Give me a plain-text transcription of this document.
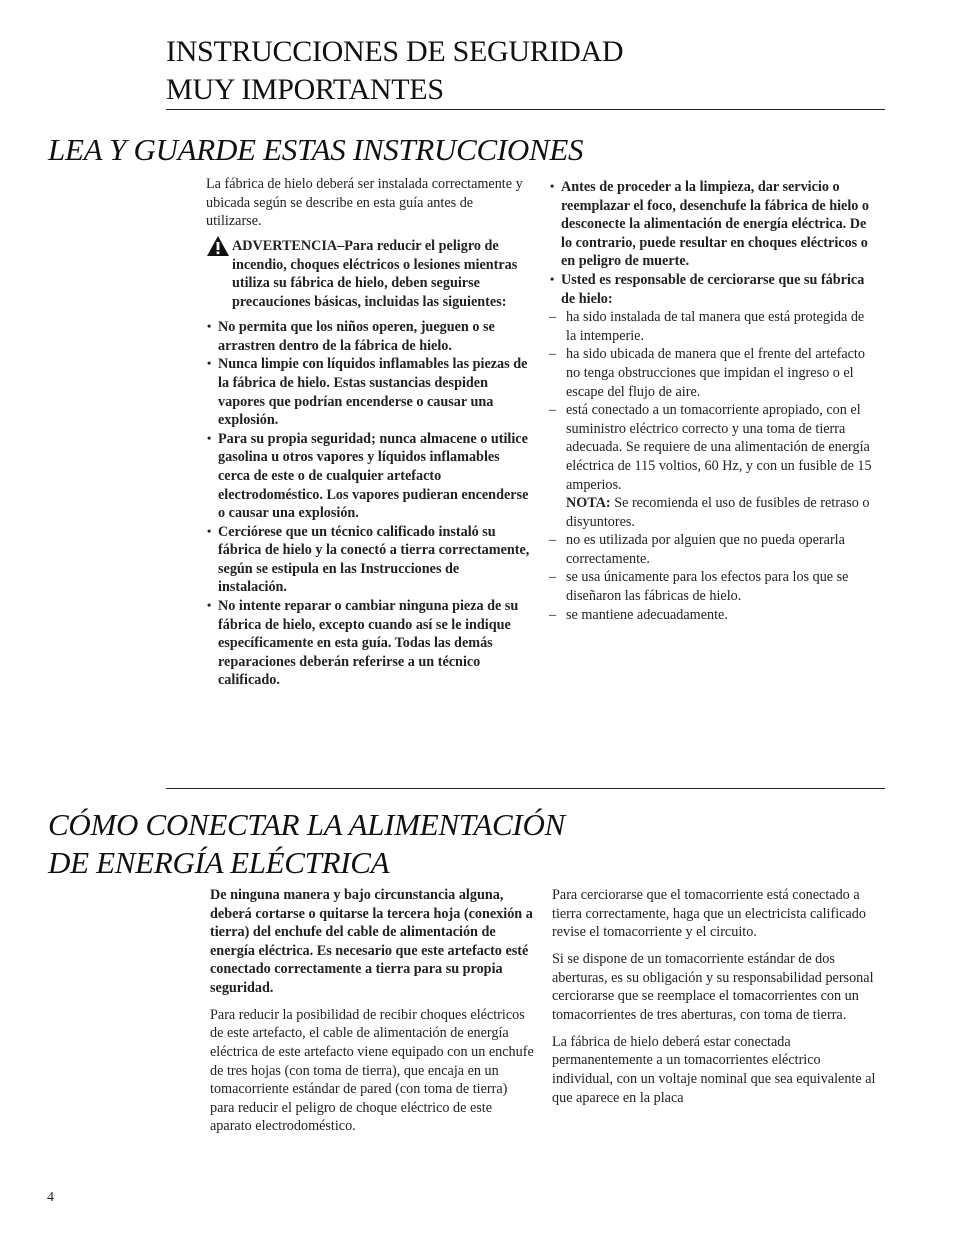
INSTRUCCIONES DE SEGURIDAD
MUY IMPORTANTES
LEA Y GUARDE ESTAS INSTRUCCIONES

La fábrica de hielo deberá ser instalada correctamente y ubicada según se describe en esta guía antes de utilizarse.

ADVERTENCIA–Para reducir el peligro de incendio, choques eléctricos o lesiones mientras utiliza su fábrica de hielo, deben seguirse precauciones básicas, incluidas las siguientes:

• No permita que los niños operen, jueguen o se arrastren dentro de la fábrica de hielo.

• Nunca limpie con líquidos inflamables las piezas de la fábrica de hielo. Estas sustancias despiden vapores que podrían encenderse o causar una explosión.

• Para su propia seguridad; nunca almacene o utilice gasolina u otros vapores y líquidos inflamables cerca de este o de cualquier artefacto electrodoméstico. Los vapores pudieran encenderse o causar una explosión.

• Cerciórese que un técnico calificado instaló su fábrica de hielo y la conectó a tierra correctamente, según se estipula en las Instrucciones de instalación.

• No intente reparar o cambiar ninguna pieza de su fábrica de hielo, excepto cuando así se le indique específicamente en esta guía. Todas las demás reparaciones deberán referirse a un técnico calificado.

• Antes de proceder a la limpieza, dar servicio o reemplazar el foco, desenchufe la fábrica de hielo o desconecte la alimentación de energía eléctrica. De lo contrario, puede resultar en choques eléctricos o en peligro de muerte.

• Usted es responsable de cerciorarse que su fábrica de hielo:

– ha sido instalada de tal manera que está protegida de la intemperie.

– ha sido ubicada de manera que el frente del artefacto no tenga obstrucciones que impidan el ingreso o el escape del flujo de aire.

– está conectado a un tomacorriente apropiado, con el suministro eléctrico correcto y una toma de tierra adecuada. Se requiere de una alimentación de energía eléctrica de 115 voltios, 60 Hz, y con un fusible de 15 amperios.

NOTA: Se recomienda el uso de fusibles de retraso o disyuntores.

– no es utilizada por alguien que no pueda operarla correctamente.

– se usa únicamente para los efectos para los que se diseñaron las fábricas de hielo.

– se mantiene adecuadamente.

CÓMO CONECTAR LA ALIMENTACIÓN
DE ENERGÍA ELÉCTRICA

De ninguna manera y bajo circunstancia alguna, deberá cortarse o quitarse la tercera hoja (conexión a tierra) del enchufe del cable de alimentación de energía eléctrica. Es necesario que este artefacto esté conectado correctamente a tierra para su propia seguridad.

Para reducir la posibilidad de recibir choques eléctricos de este artefacto, el cable de alimentación de energía eléctrica de este artefacto viene equipado con un enchufe de tres hojas (con toma de tierra), que encaja en un tomacorriente estándar de pared (con toma de tierra) para reducir el peligro de choque eléctrico de este aparato electrodoméstico.

Para cerciorarse que el tomacorriente está conectado a tierra correctamente, haga que un electricista calificado revise el tomacorriente y el circuito.

Si se dispone de un tomacorriente estándar de dos aberturas, es su obligación y su responsabilidad personal cerciorarse que se reemplace el tomacorrientes con un tomacorrientes de tres aberturas, con toma de tierra.

La fábrica de hielo deberá estar conectada permanentemente a un tomacorrientes eléctrico individual, con un voltaje nominal que sea equivalente al que aparece en la placa

4
